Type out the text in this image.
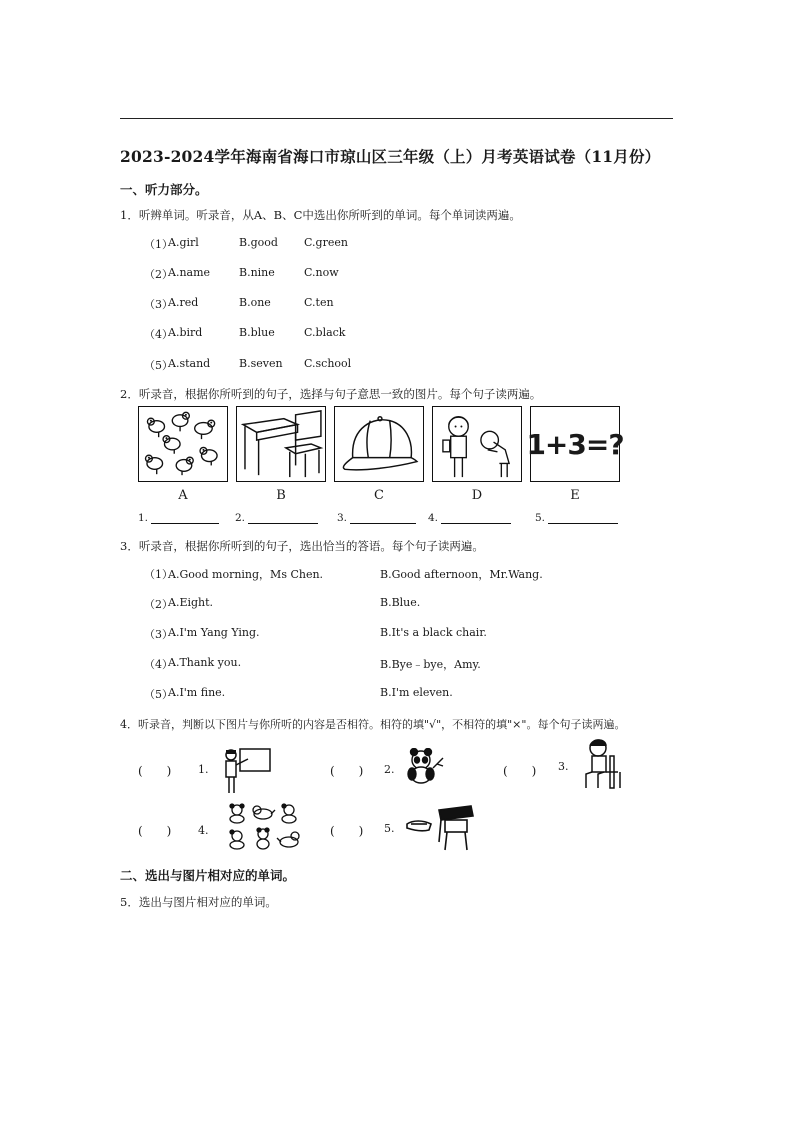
2023-2024学年海南省海口市琼山区三年级（上）月考英语试卷（11月份）
一、听力部分。
1．听辨单词。听录音，从A、B、C中选出你所听到的单词。每个单词读两遍。
（1）
A.girl	B.good C.green
（2）
A.name	B.nine	C.now
（3）
A.red	B.one	C.ten
（4）
A.bird	B.blue	C.black
（5）
A.stand	B.seven C.school
2．听录音，根据你所听到的句子，选择与句子意思一致的图片。每个句子读两遍。
A	B	C	D
1+3=?
E
1.	2.	3.	4.	5.
3．听录音，根据你所听到的句子，选出恰当的答语。每个句子读两遍。
（1）
A.Good morning，Ms Chen.	B.Good afternoon，Mr.Wang.
（2）
A.Eight.	B.Blue.
（3）
A.I'm Yang Ying.	B.It's a black chair.
（4）
A.Thank you.	B.Bye﹣bye，Amy.
（5）
A.I'm fine.	B.I'm eleven.
4．听录音，判断以下图片与你所听的内容是否相符。相符的填"√"，不相符的填"×"。每个句子读两遍。
(　　) 1.	(　　) 2.	(　　) 3.
(　　) 4.	(　　) 5.
二、选出与图片相对应的单词。
5．选出与图片相对应的单词。
